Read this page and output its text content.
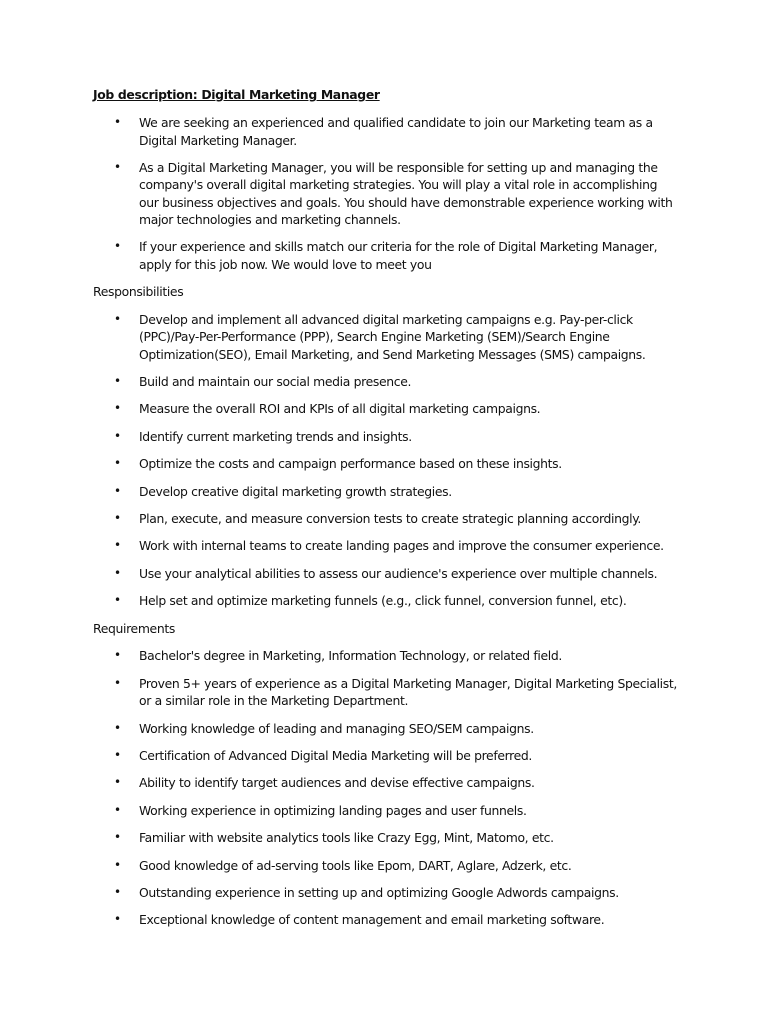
Job description: Digital Marketing Manager
• We are seeking an experienced and qualified candidate to join our Marketing team as a Digital Marketing Manager.
• As a Digital Marketing Manager, you will be responsible for setting up and managing the company's overall digital marketing strategies. You will play a vital role in accomplishing our business objectives and goals. You should have demonstrable experience working with major technologies and marketing channels.
• If your experience and skills match our criteria for the role of Digital Marketing Manager, apply for this job now. We would love to meet you
Responsibilities
• Develop and implement all advanced digital marketing campaigns e.g. Pay-per-click (PPC)/Pay-Per-Performance (PPP), Search Engine Marketing (SEM)/Search Engine Optimization(SEO), Email Marketing, and Send Marketing Messages (SMS) campaigns.
• Build and maintain our social media presence.
• Measure the overall ROI and KPIs of all digital marketing campaigns.
• Identify current marketing trends and insights.
• Optimize the costs and campaign performance based on these insights.
• Develop creative digital marketing growth strategies.
• Plan, execute, and measure conversion tests to create strategic planning accordingly.
• Work with internal teams to create landing pages and improve the consumer experience.
• Use your analytical abilities to assess our audience's experience over multiple channels.
• Help set and optimize marketing funnels (e.g., click funnel, conversion funnel, etc).
Requirements
• Bachelor's degree in Marketing, Information Technology, or related field.
• Proven 5+ years of experience as a Digital Marketing Manager, Digital Marketing Specialist, or a similar role in the Marketing Department.
• Working knowledge of leading and managing SEO/SEM campaigns.
• Certification of Advanced Digital Media Marketing will be preferred.
• Ability to identify target audiences and devise effective campaigns.
• Working experience in optimizing landing pages and user funnels.
• Familiar with website analytics tools like Crazy Egg, Mint, Matomo, etc.
• Good knowledge of ad-serving tools like Epom, DART, Aglare, Adzerk, etc.
• Outstanding experience in setting up and optimizing Google Adwords campaigns.
• Exceptional knowledge of content management and email marketing software.
